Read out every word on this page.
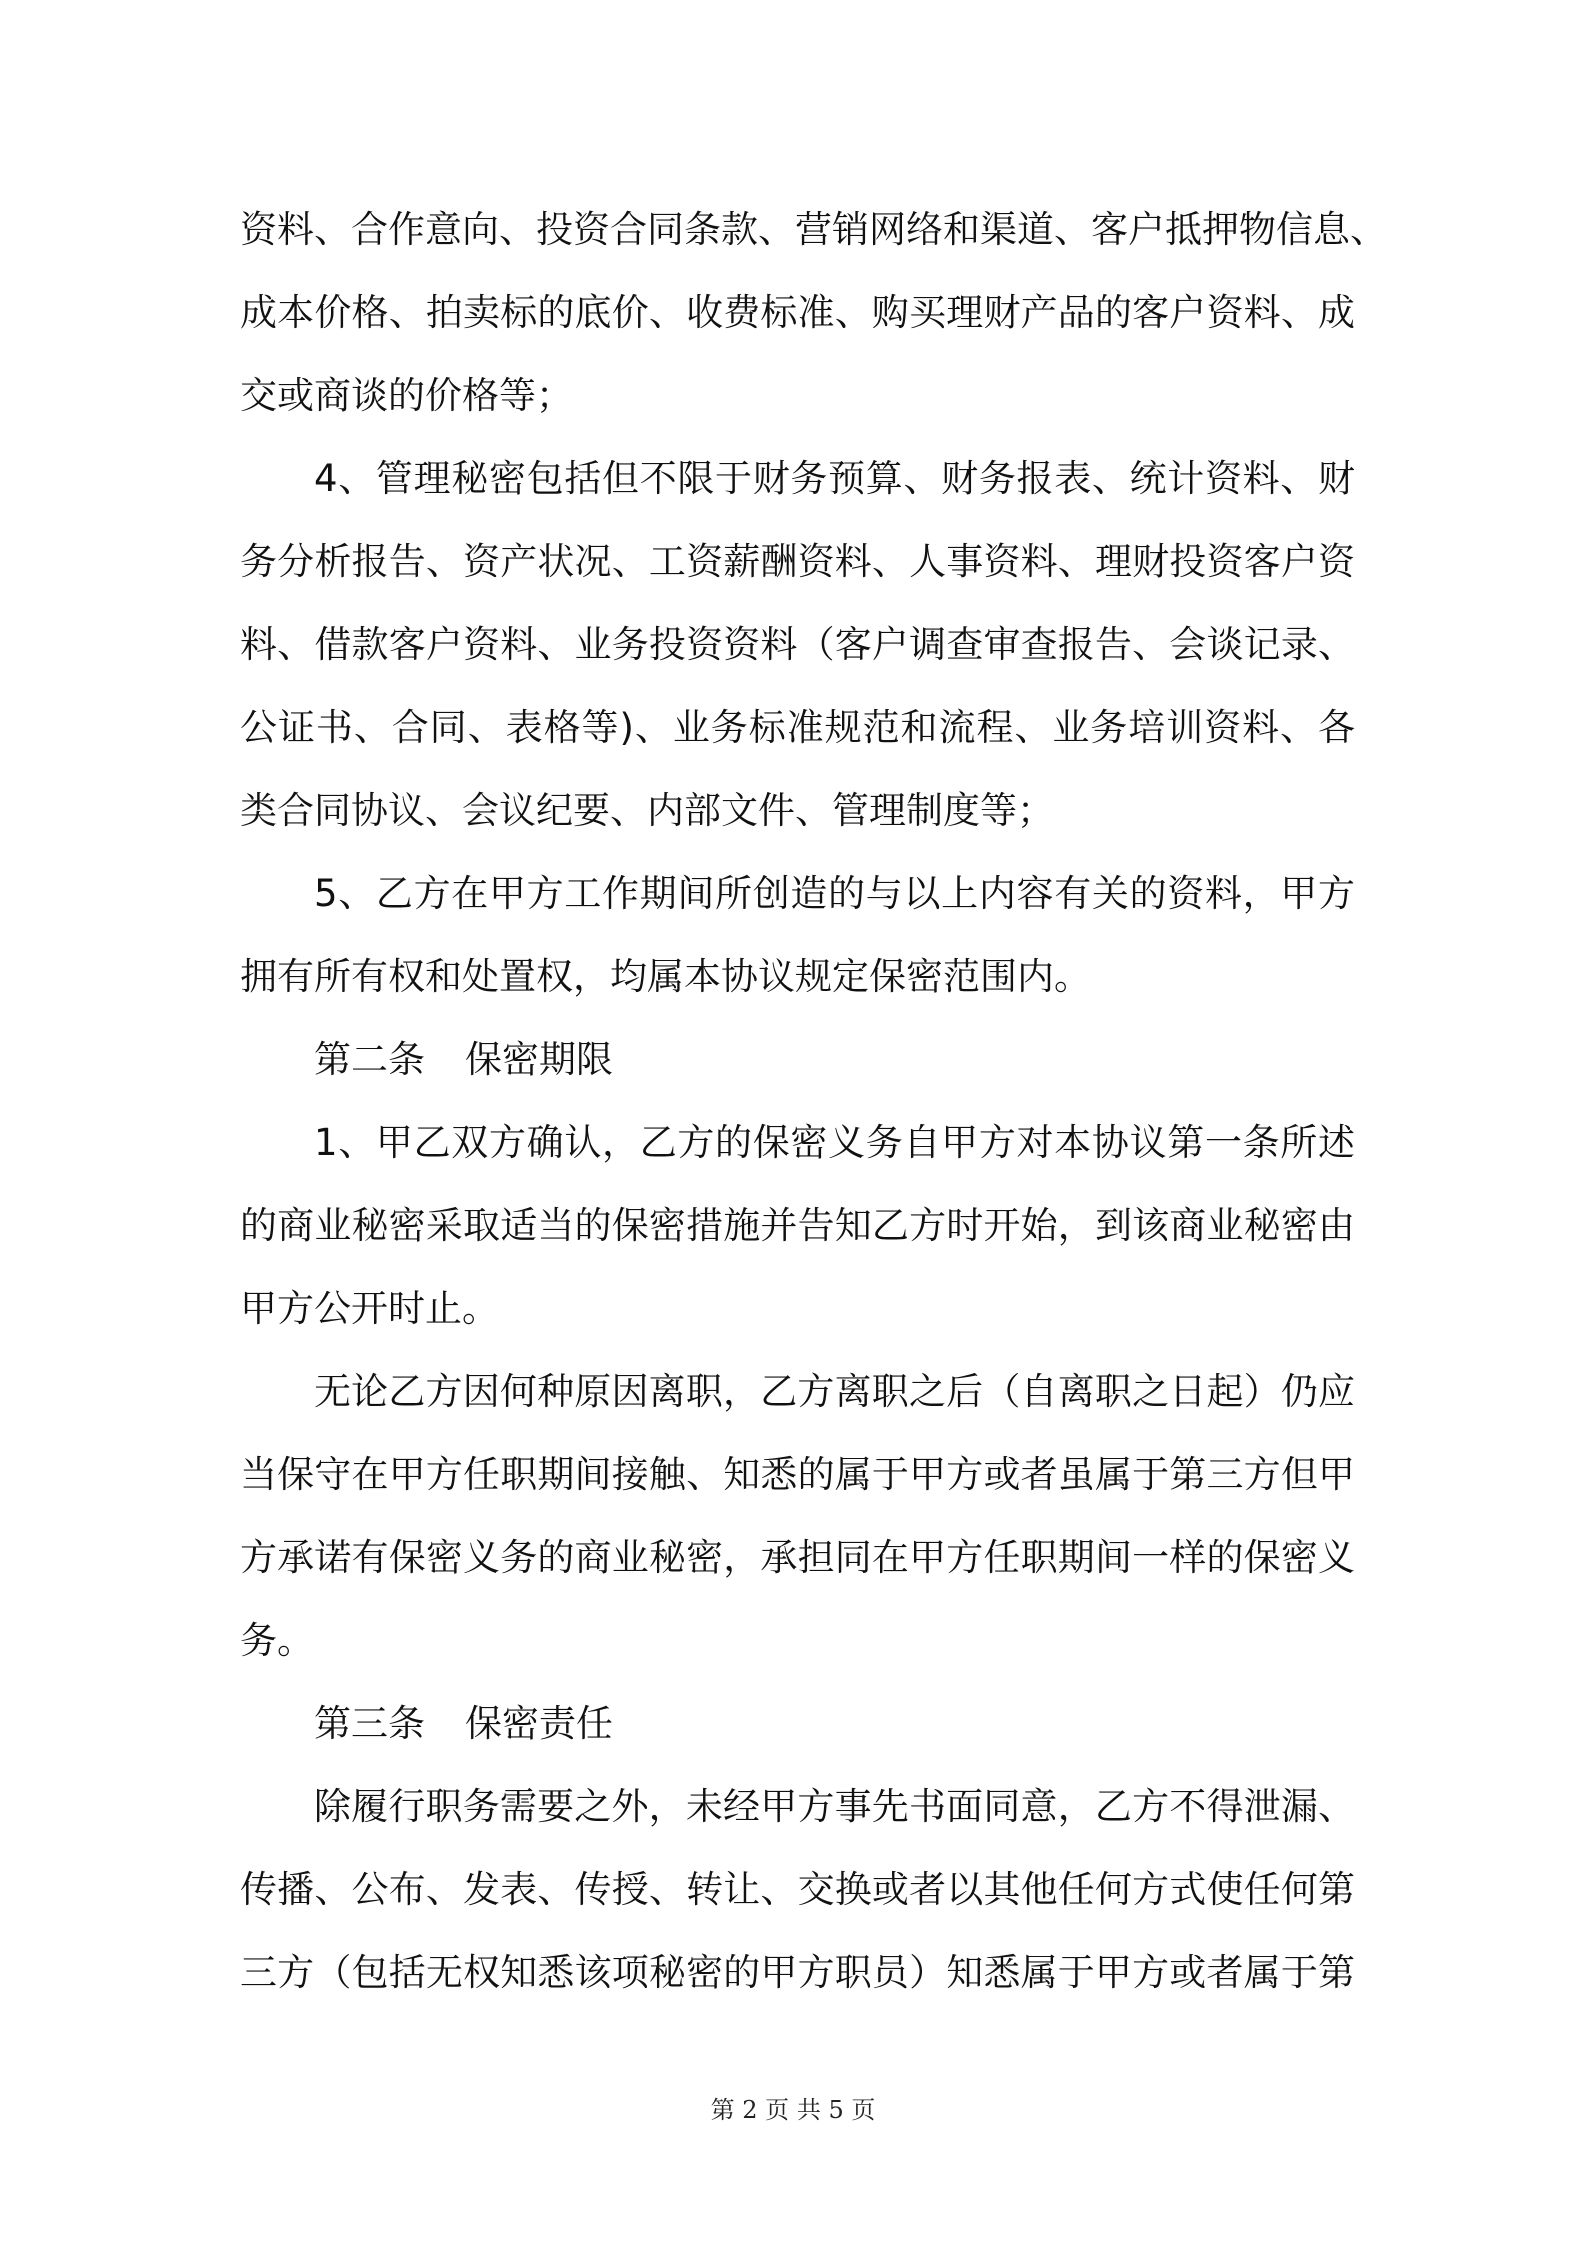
资料、合作意向、投资合同条款、营销网络和渠道、客户抵押物信息、
成本价格、拍卖标的底价、收费标准、购买理财产品的客户资料、成
交或商谈的价格等；
4、管理秘密包括但不限于财务预算、财务报表、统计资料、财
务分析报告、资产状况、工资薪酬资料、人事资料、理财投资客户资
料、借款客户资料、业务投资资料（客户调查审查报告、会谈记录、
公证书、合同、表格等)、业务标准规范和流程、业务培训资料、各
类合同协议、会议纪要、内部文件、管理制度等；
5、乙方在甲方工作期间所创造的与以上内容有关的资料，甲方
拥有所有权和处置权，均属本协议规定保密范围内。
第二条 保密期限
1、甲乙双方确认，乙方的保密义务自甲方对本协议第一条所述
的商业秘密采取适当的保密措施并告知乙方时开始，到该商业秘密由
甲方公开时止。
无论乙方因何种原因离职，乙方离职之后（自离职之日起）仍应
当保守在甲方任职期间接触、知悉的属于甲方或者虽属于第三方但甲
方承诺有保密义务的商业秘密，承担同在甲方任职期间一样的保密义
务。
第三条 保密责任
除履行职务需要之外，未经甲方事先书面同意，乙方不得泄漏、
传播、公布、发表、传授、转让、交换或者以其他任何方式使任何第
三方（包括无权知悉该项秘密的甲方职员）知悉属于甲方或者属于第
第 2 页 共 5 页
